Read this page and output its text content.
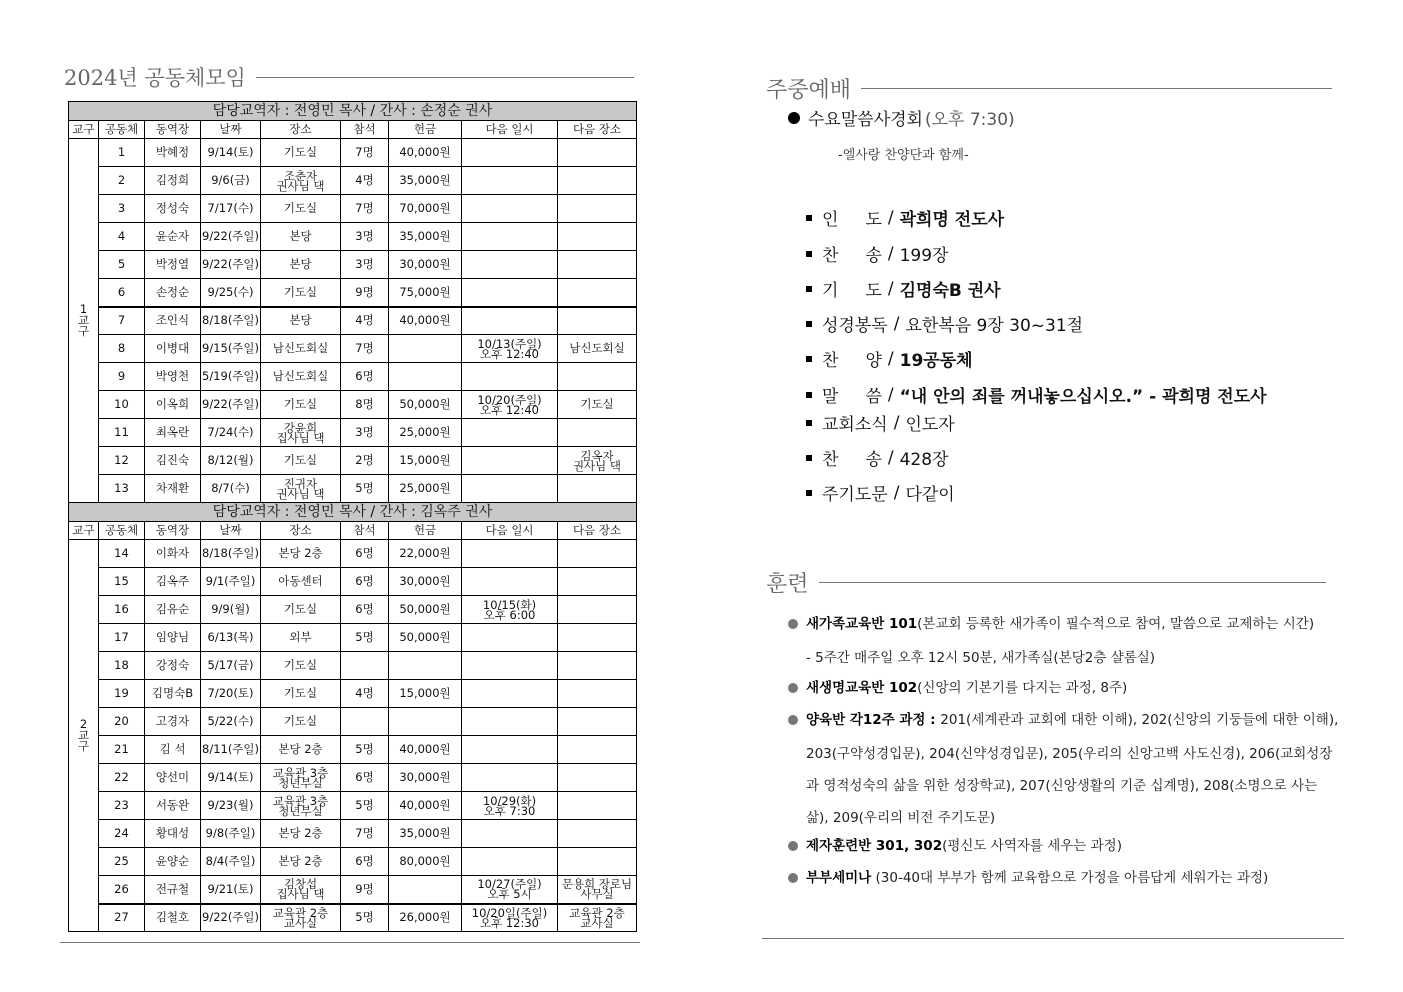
2024년 공동체모임
담당교역자 : 전영민 목사 / 간사 : 손정순 권사								
교구	공동체	동역장	날짜	장소	참석	헌금	다음 일시	다음 장소

1
교
구	1	박혜정	9/14(토)	기도실	7명	40,000원		
	2	김정희	9/6(금)	조춘자
권사님 댁	4명	35,000원		
	3	정성숙	7/17(수)	기도실	7명	70,000원		
	4	윤순자	9/22(주일)	본당	3명	35,000원		
	5	박정열	9/22(주일)	본당	3명	30,000원		
	6	손정순	9/25(수)	기도실	9명	75,000원		
	7	조인식	8/18(주일)	본당	4명	40,000원		
	8	이병대	9/15(주일)	남신도회실	7명		10/13(주일)
오후 12:40	남신도회실
	9	박영천	5/19(주일)	남신도회실	6명			
	10	이옥희	9/22(주일)	기도실	8명	50,000원	10/20(주일)
오후 12:40	기도실
	11	최옥란	7/24(수)	강윤희
집사님 댁	3명	25,000원		
	12	김진숙	8/12(월)	기도실	2명	15,000원		김옥자
권사님 댁

	13	차재환	8/7(수)	진귀자
권사님 댁	5명	25,000원		
담당교역자 : 전영민 목사 / 간사 : 김옥주 권사								
교구	공동체	동역장	날짜	장소	참석	헌금	다음 일시	다음 장소

2
교
구	14	이화자	8/18(주일)	본당 2층	6명	22,000원		
	15	김옥주	9/1(주일)	아동센터	6명	30,000원		
	16	김유순	9/9(월)	기도실	6명	50,000원	10/15(화)
오후 6:00	

	17	임양님	6/13(목)	외부	5명	50,000원		
	18	강정숙	5/17(금)	기도실				
	19	김명숙B	7/20(토)	기도실	4명	15,000원		
	20	고경자	5/22(수)	기도실				
	21	김 석	8/11(주일)	본당 2층	5명	40,000원		
	22	양선미	9/14(토)	교육관 3층
청년부실	6명	30,000원		
	23	서동완	9/23(월)	교육관 3층
청년부실	5명	40,000원	10/29(화)
오후 7:30	

	24	황대성	9/8(주일)	본당 2층	7명	35,000원		
	25	윤양순	8/4(주일)	본당 2층	6명	80,000원		
	26	전규철	9/21(토)	김창섭
집사님 댁	9명		10/27(주일)
오후 5시	문용희 장로님
사무실

	27	김철호	9/22(주일)	교육관 2층
교사실	5명	26,000원	10/20일(주일)
오후 12:30	교육관 2층
교사실
주중예배
수요말씀사경회 (오후 7:30)
-엘사랑 찬양단과 함께-
인     도 / 곽희명 전도사
찬     송 / 199장
기     도 / 김명숙B 권사
성경봉독 / 요한복음 9장 30~31절
찬     양 / 19공동체
말     씀 / “내 안의 죄를 꺼내놓으십시오.” - 곽희명 전도사
교회소식 / 인도자
찬     송 / 428장
주기도문 / 다같이
훈련
새가족교육반 101(본교회 등록한 새가족이 필수적으로 참여, 말씀으로 교제하는 시간)
- 5주간 매주일 오후 12시 50분, 새가족실(본당2층 샬롬실)
새생명교육반 102(신앙의 기본기를 다지는 과정, 8주)
양육반 각12주 과정 : 201(세계관과 교회에 대한 이해), 202(신앙의 기둥들에 대한 이해),
203(구약성경입문), 204(신약성경입문), 205(우리의 신앙고백 사도신경), 206(교회성장
과 영적성숙의 삶을 위한 성장학교), 207(신앙생활의 기준 십계명), 208(소명으로 사는
삶), 209(우리의 비전 주기도문)
제자훈련반 301, 302(평신도 사역자를 세우는 과정)
부부세미나 (30-40대 부부가 함께 교육함으로 가정을 아름답게 세워가는 과정)
